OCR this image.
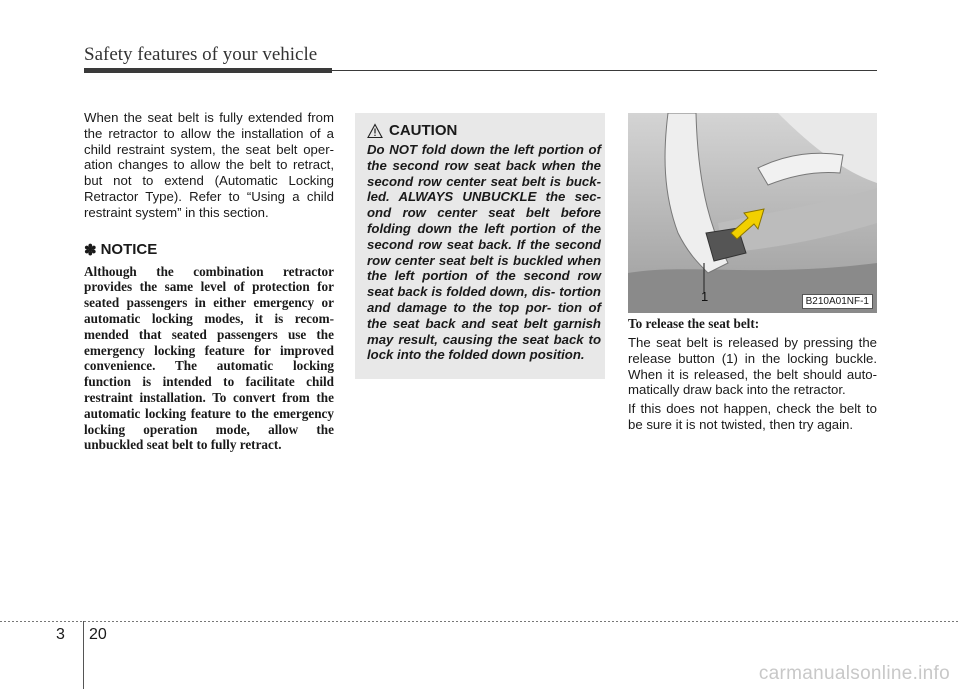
Safety features of your vehicle

When the seat belt is fully extended from the retractor to allow the installation of a child restraint system, the seat belt oper- ation changes to allow the belt to retract, but not to extend (Automatic Locking Retractor Type). Refer to “Using a child restraint system” in this section.

✽ NOTICE

Although the combination retractor provides the same level of protection for seated passengers in either emergency or automatic locking modes, it is recom- mended that seated passengers use the emergency locking feature for improved convenience. The automatic locking function is intended to facilitate child restraint installation. To convert from the automatic locking feature to the emergency locking operation mode, allow the unbuckled seat belt to fully retract.

CAUTION

Do NOT fold down the left portion of the second row seat back when the second row center seat belt is buck- led. ALWAYS UNBUCKLE the sec- ond row center seat belt before folding down the left portion of the second row seat back. If the second row center seat belt is buckled when the left portion of the second row seat back is folded down, dis- tortion and damage to the top por- tion of the seat back and seat belt garnish may result, causing the seat back to lock into the folded down position.

1	B210A01NF-1

To release the seat belt:

The seat belt is released by pressing the release button (1) in the locking buckle. When it is released, the belt should auto- matically draw back into the retractor.

If this does not happen, check the belt to be sure it is not twisted, then try again.

3 20
carmanualsonline.info
